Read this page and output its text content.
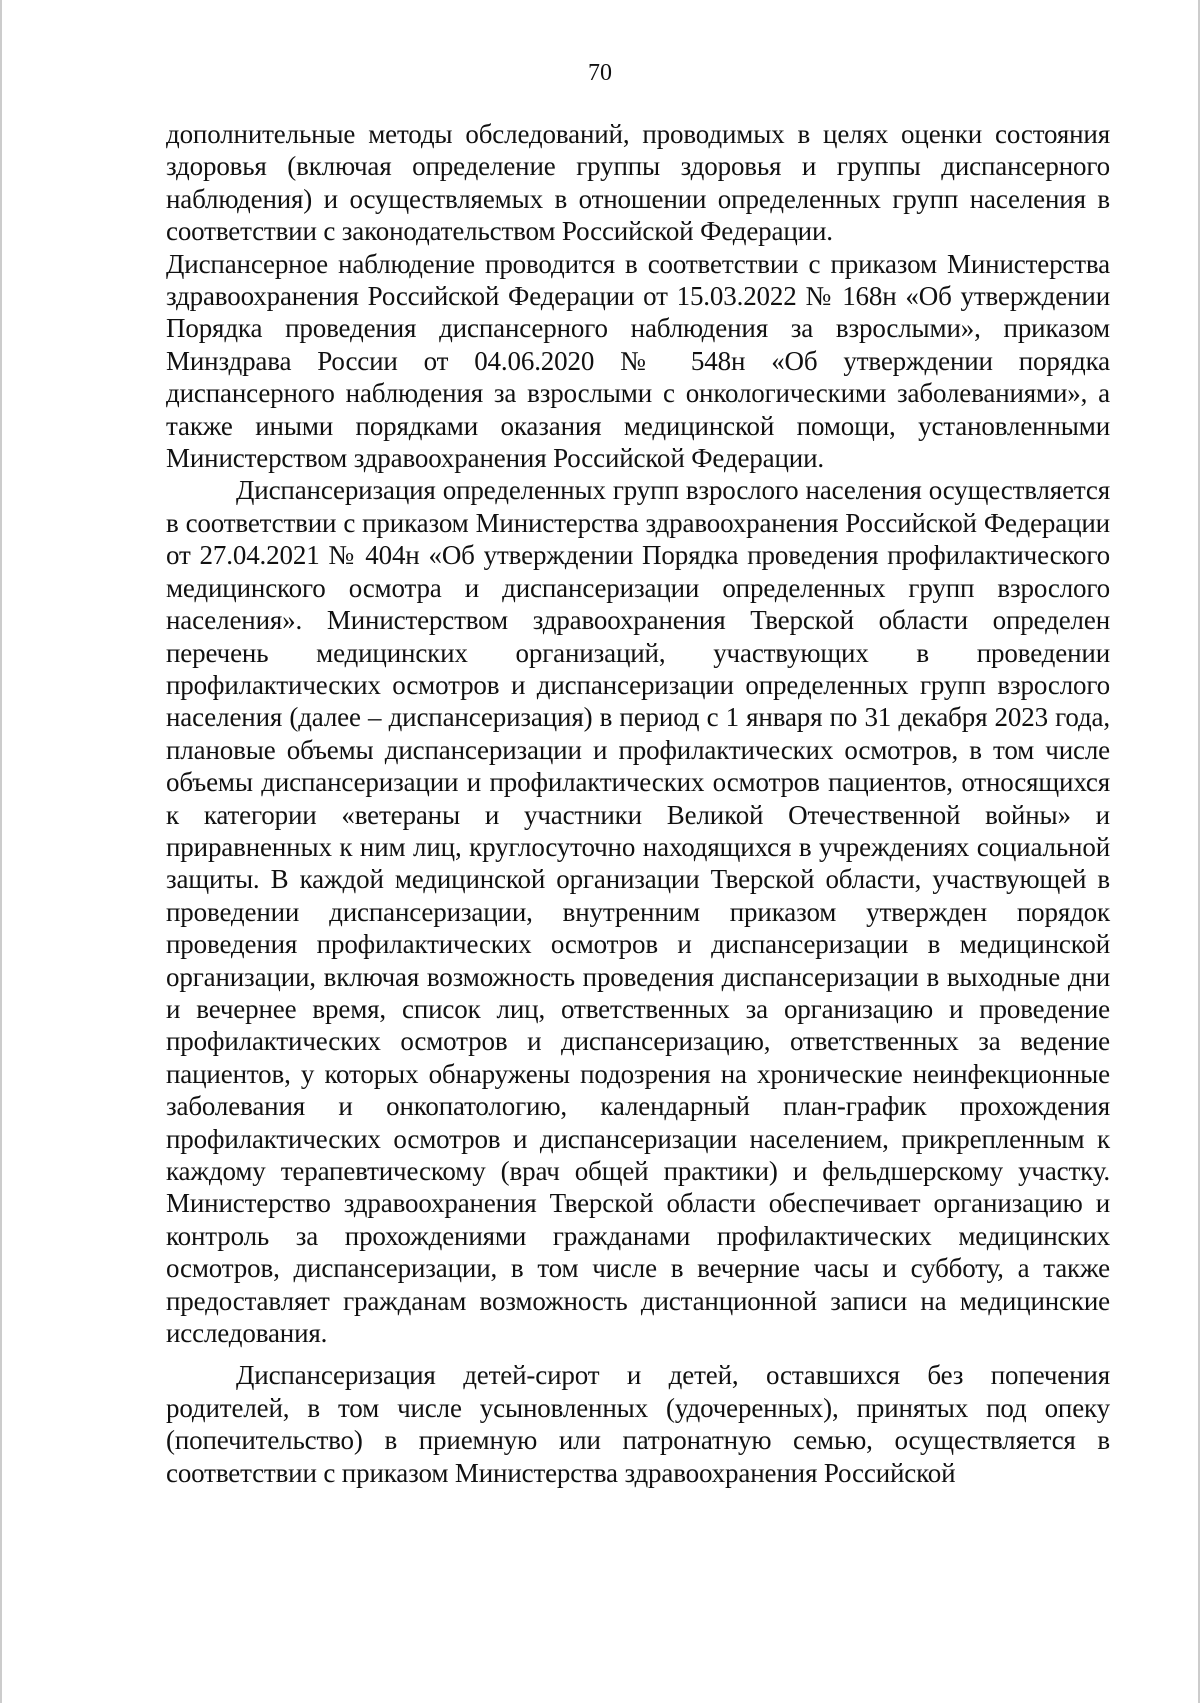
70

дополнительные методы обследований, проводимых в целях оценки состояния здоровья (включая определение группы здоровья и группы диспансерного наблюдения) и осуществляемых в отношении определенных групп населения в соответствии с законодательством Российской Федерации.

Диспансерное наблюдение проводится в соответствии с приказом Министерства здравоохранения Российской Федерации от 15.03.2022 № 168н «Об утверждении Порядка проведения диспансерного наблюдения за взрослыми», приказом Минздрава России от 04.06.2020 № 548н «Об утверждении порядка диспансерного наблюдения за взрослыми с онкологическими заболеваниями», а также иными порядками оказания медицинской помощи, установленными Министерством здравоохранения Российской Федерации.

Диспансеризация определенных групп взрослого населения осуществляется в соответствии с приказом Министерства здравоохранения Российской Федерации от 27.04.2021 № 404н «Об утверждении Порядка проведения профилактического медицинского осмотра и диспансеризации определенных групп взрослого населения». Министерством здравоохранения Тверской области определен перечень медицинских организаций, участвующих в проведении профилактических осмотров и диспансеризации определенных групп взрослого населения (далее – диспансеризация) в период с 1 января по 31 декабря 2023 года, плановые объемы диспансеризации и профилактических осмотров, в том числе объемы диспансеризации и профилактических осмотров пациентов, относящихся к категории «ветераны и участники Великой Отечественной войны» и приравненных к ним лиц, круглосуточно находящихся в учреждениях социальной защиты. В каждой медицинской организации Тверской области, участвующей в проведении диспансеризации, внутренним приказом утвержден порядок проведения профилактических осмотров и диспансеризации в медицинской организации, включая возможность проведения диспансеризации в выходные дни и вечернее время, список лиц, ответственных за организацию и проведение профилактических осмотров и диспансеризацию, ответственных за ведение пациентов, у которых обнаружены подозрения на хронические неинфекционные заболевания и онкопатологию, календарный план-график прохождения профилактических осмотров и диспансеризации населением, прикрепленным к каждому терапевтическому (врач общей практики) и фельдшерскому участку. Министерство здравоохранения Тверской области обеспечивает организацию и контроль за прохождениями гражданами профилактических медицинских осмотров, диспансеризации, в том числе в вечерние часы и субботу, а также предоставляет гражданам возможность дистанционной записи на медицинские исследования.

Диспансеризация детей-сирот и детей, оставшихся без попечения родителей, в том числе усыновленных (удочеренных), принятых под опеку (попечительство) в приемную или патронатную семью, осуществляется в соответствии с приказом Министерства здравоохранения Российской
